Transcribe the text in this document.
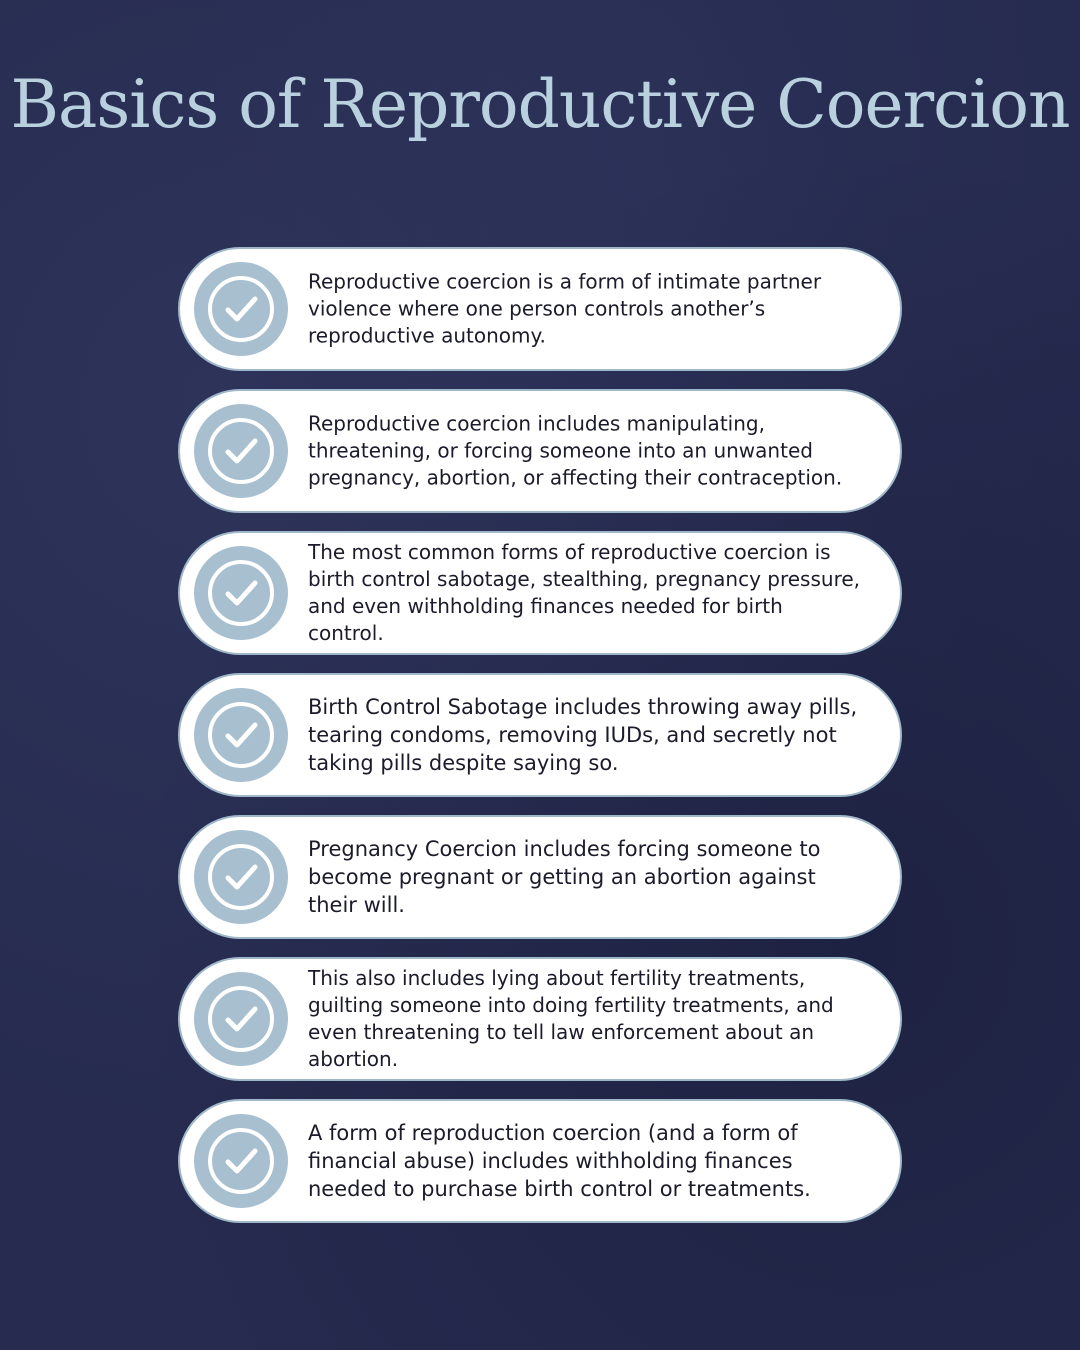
Basics of Reproductive Coercion

Reproductive coercion is a form of intimate partner violence where one person controls another’s reproductive autonomy.

Reproductive coercion includes manipulating, threatening, or forcing someone into an unwanted pregnancy, abortion, or affecting their contraception.

The most common forms of reproductive coercion is birth control sabotage, stealthing, pregnancy pressure, and even withholding finances needed for birth control.

Birth Control Sabotage includes throwing away pills, tearing condoms, removing IUDs, and secretly not taking pills despite saying so.

Pregnancy Coercion includes forcing someone to become pregnant or getting an abortion against their will.

This also includes lying about fertility treatments, guilting someone into doing fertility treatments, and even threatening to tell law enforcement about an abortion.

A form of reproduction coercion (and a form of financial abuse) includes withholding finances needed to purchase birth control or treatments.
